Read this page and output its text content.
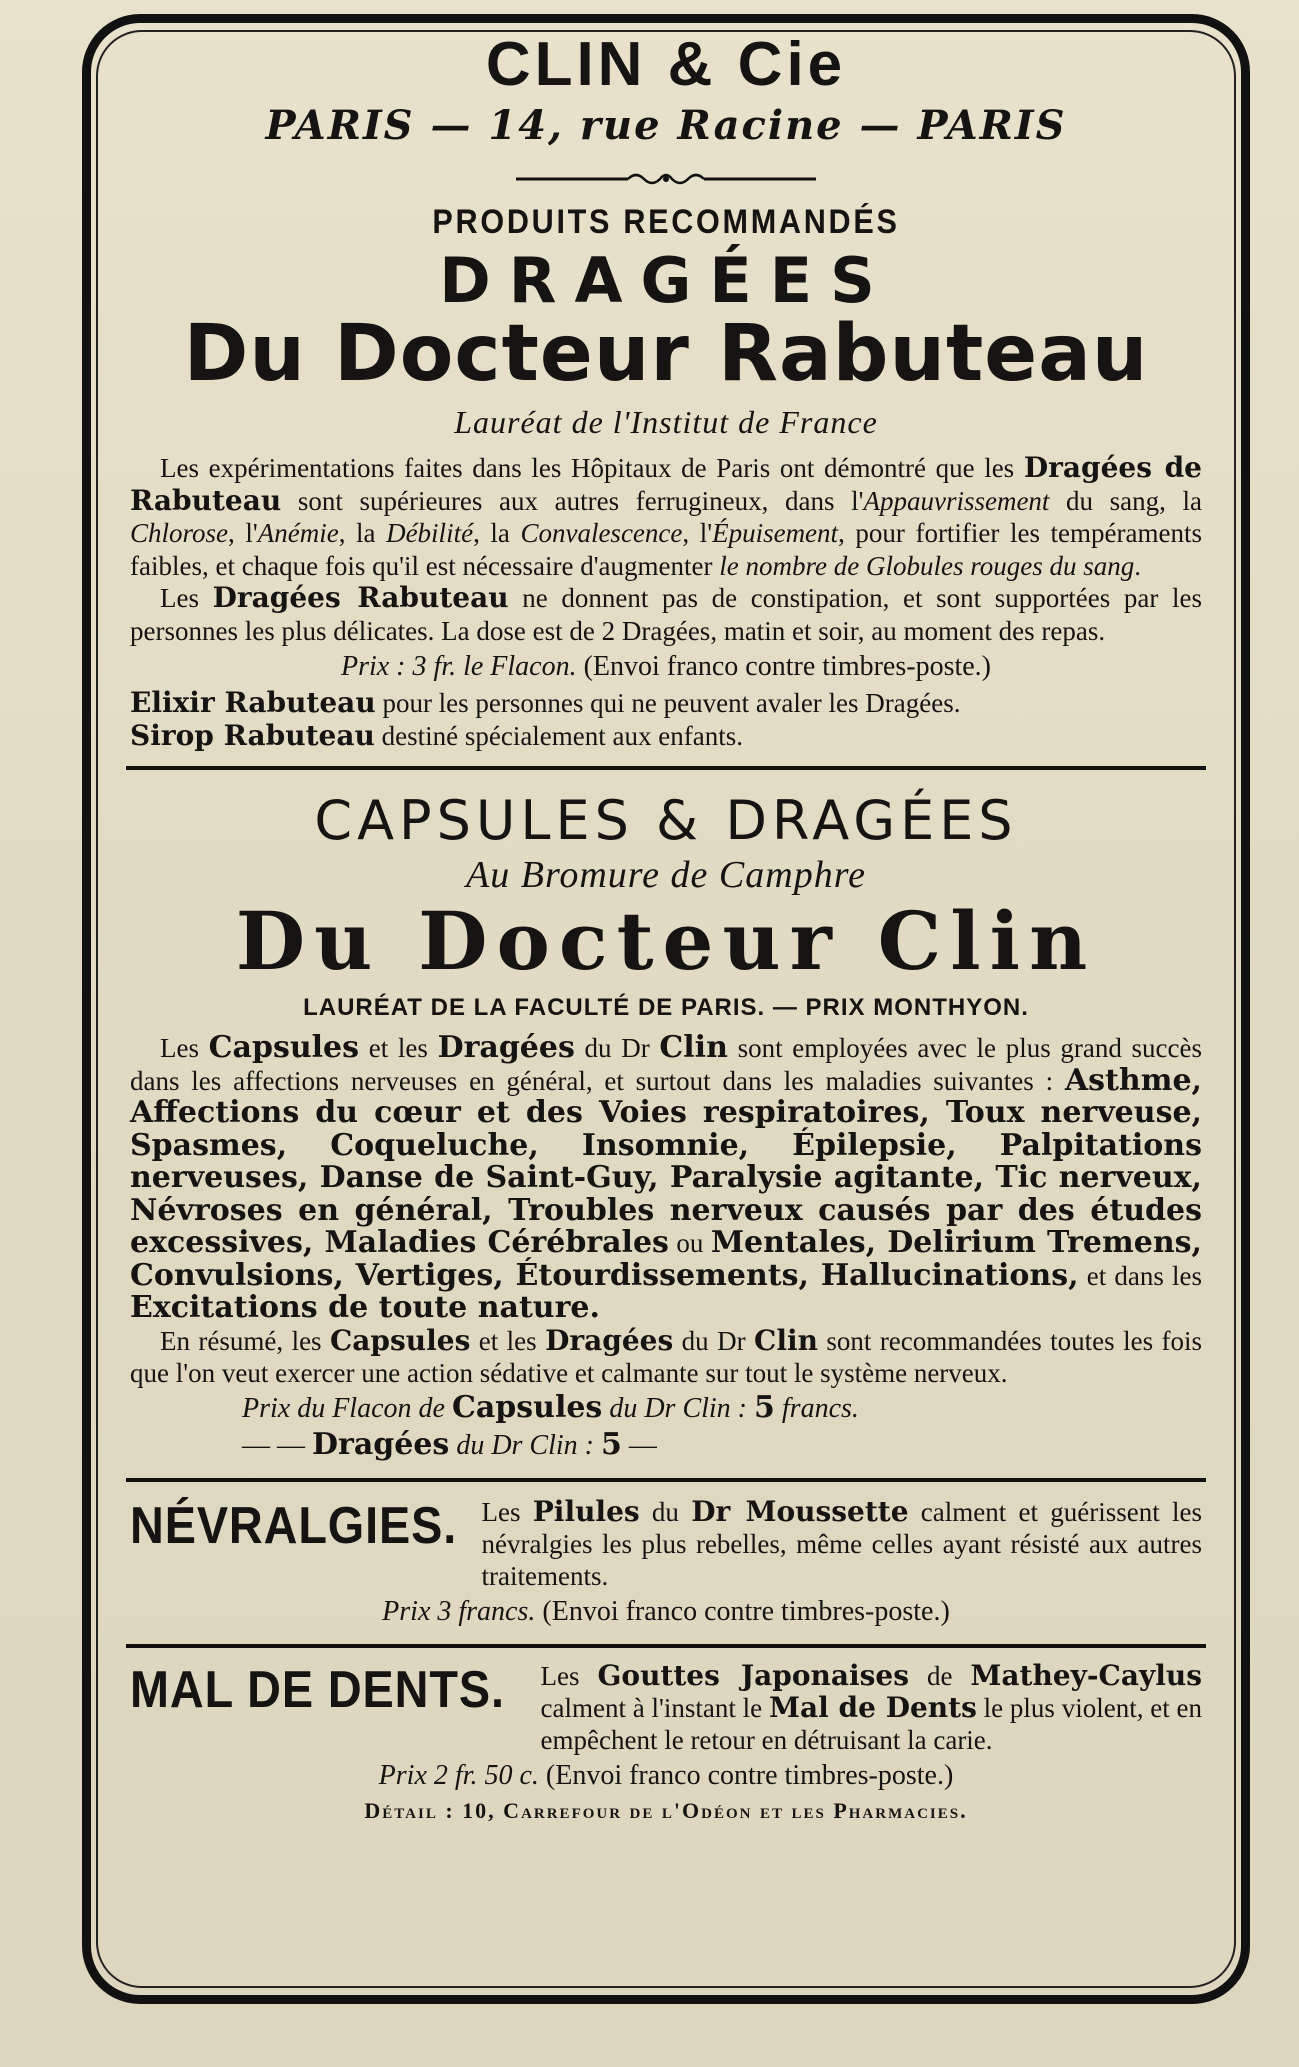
CLIN & Cie
PARIS — 14, rue Racine — PARIS
PRODUITS RECOMMANDÉS
DRAGÉES
Du Docteur Rabuteau
Lauréat de l'Institut de France

Les expérimentations faites dans les Hôpitaux de Paris ont démontré que les Dragées de Rabuteau sont supérieures aux autres ferrugineux, dans l'Appauvrissement du sang, la Chlorose, l'Anémie, la Débilité, la Convalescence, l'Épuisement, pour fortifier les tempéraments faibles, et chaque fois qu'il est nécessaire d'augmenter le nombre de Globules rouges du sang.

Les Dragées Rabuteau ne donnent pas de constipation, et sont supportées par les personnes les plus délicates. La dose est de 2 Dragées, matin et soir, au moment des repas.

Prix : 3 fr. le Flacon. (Envoi franco contre timbres-poste.)

Elixir Rabuteau pour les personnes qui ne peuvent avaler les Dragées.

Sirop Rabuteau destiné spécialement aux enfants.

CAPSULES & DRAGÉES
Au Bromure de Camphre
Du Docteur Clin
LAURÉAT DE LA FACULTÉ DE PARIS. — PRIX MONTHYON.

Les Capsules et les Dragées du Dr Clin sont employées avec le plus grand succès dans les affections nerveuses en général, et surtout dans les maladies suivantes : Asthme, Affections du cœur et des Voies respiratoires, Toux nerveuse, Spasmes, Coqueluche, Insomnie, Épilepsie, Palpitations nerveuses, Danse de Saint-Guy, Paralysie agitante, Tic nerveux, Névroses en général, Troubles nerveux causés par des études excessives, Maladies Cérébrales ou Mentales, Delirium Tremens, Convulsions, Vertiges, Étourdissements, Hallucinations, et dans les Excitations de toute nature.

En résumé, les Capsules et les Dragées du Dr Clin sont recommandées toutes les fois que l'on veut exercer une action sédative et calmante sur tout le système nerveux.

Prix du Flacon de Capsules du Dr Clin : 5 francs.
— — Dragées du Dr Clin : 5 —
NÉVRALGIES. Les Pilules du Dr Moussette calment et guérissent les névralgies les plus rebelles, même celles ayant résisté aux autres traitements.
Prix 3 francs. (Envoi franco contre timbres-poste.)
MAL DE DENTS. Les Gouttes Japonaises de Mathey-Caylus calment à l'instant le Mal de Dents le plus violent, et en empêchent le retour en détruisant la carie.
Prix 2 fr. 50 c. (Envoi franco contre timbres-poste.)
Détail : 10, Carrefour de l'Odéon et les Pharmacies.
